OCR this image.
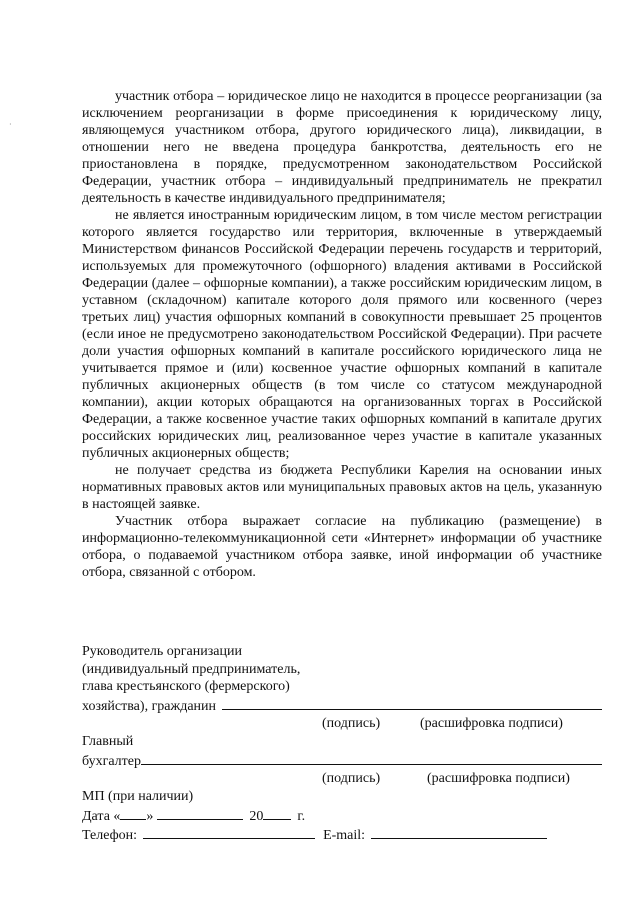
·

участник отбора – юридическое лицо не находится в процессе реорганизации (за исключением реорганизации в форме присоединения к юридическому лицу, являющемуся участником отбора, другого юридического лица), ликвидации, в отношении него не введена процедура банкротства, деятельность его не приостановлена в порядке, предусмотренном законодательством Российской Федерации, участник отбора – индивидуальный предприниматель не прекратил деятельность в качестве индивидуального предпринимателя;

не является иностранным юридическим лицом, в том числе местом регистрации которого является государство или территория, включенные в утверждаемый Министерством финансов Российской Федерации перечень государств и территорий, используемых для промежуточного (офшорного) владения активами в Российской Федерации (далее – офшорные компании), а также российским юридическим лицом, в уставном (складочном) капитале которого доля прямого или косвенного (через третьих лиц) участия офшорных компаний в совокупности превышает 25 процентов (если иное не предусмотрено законодательством Российской Федерации). При расчете доли участия офшорных компаний в капитале российского юридического лица не учитывается прямое и (или) косвенное участие офшорных компаний в капитале публичных акционерных обществ (в том числе со статусом международной компании), акции которых обращаются на организованных торгах в Российской Федерации, а также косвенное участие таких офшорных компаний в капитале других российских юридических лиц, реализованное через участие в капитале указанных публичных акционерных обществ;

не получает средства из бюджета Республики Карелия на основании иных нормативных правовых актов или муниципальных правовых актов на цель, указанную в настоящей заявке.

Участник отбора выражает согласие на публикацию (размещение) в информационно-телекоммуникационной сети «Интернет» информации об участнике отбора, о подаваемой участником отбора заявке, иной информации об участнике отбора, связанной с отбором.

Руководитель организации
(индивидуальный предприниматель,
глава крестьянского (фермерского)
хозяйства), гражданин
(подпись)	(расшифровка подписи)
Главный
бухгалтер
(подпись)	(расшифровка подписи)
МП (при наличии)
Дата « »	20 г.
Телефон:	E-mail:
